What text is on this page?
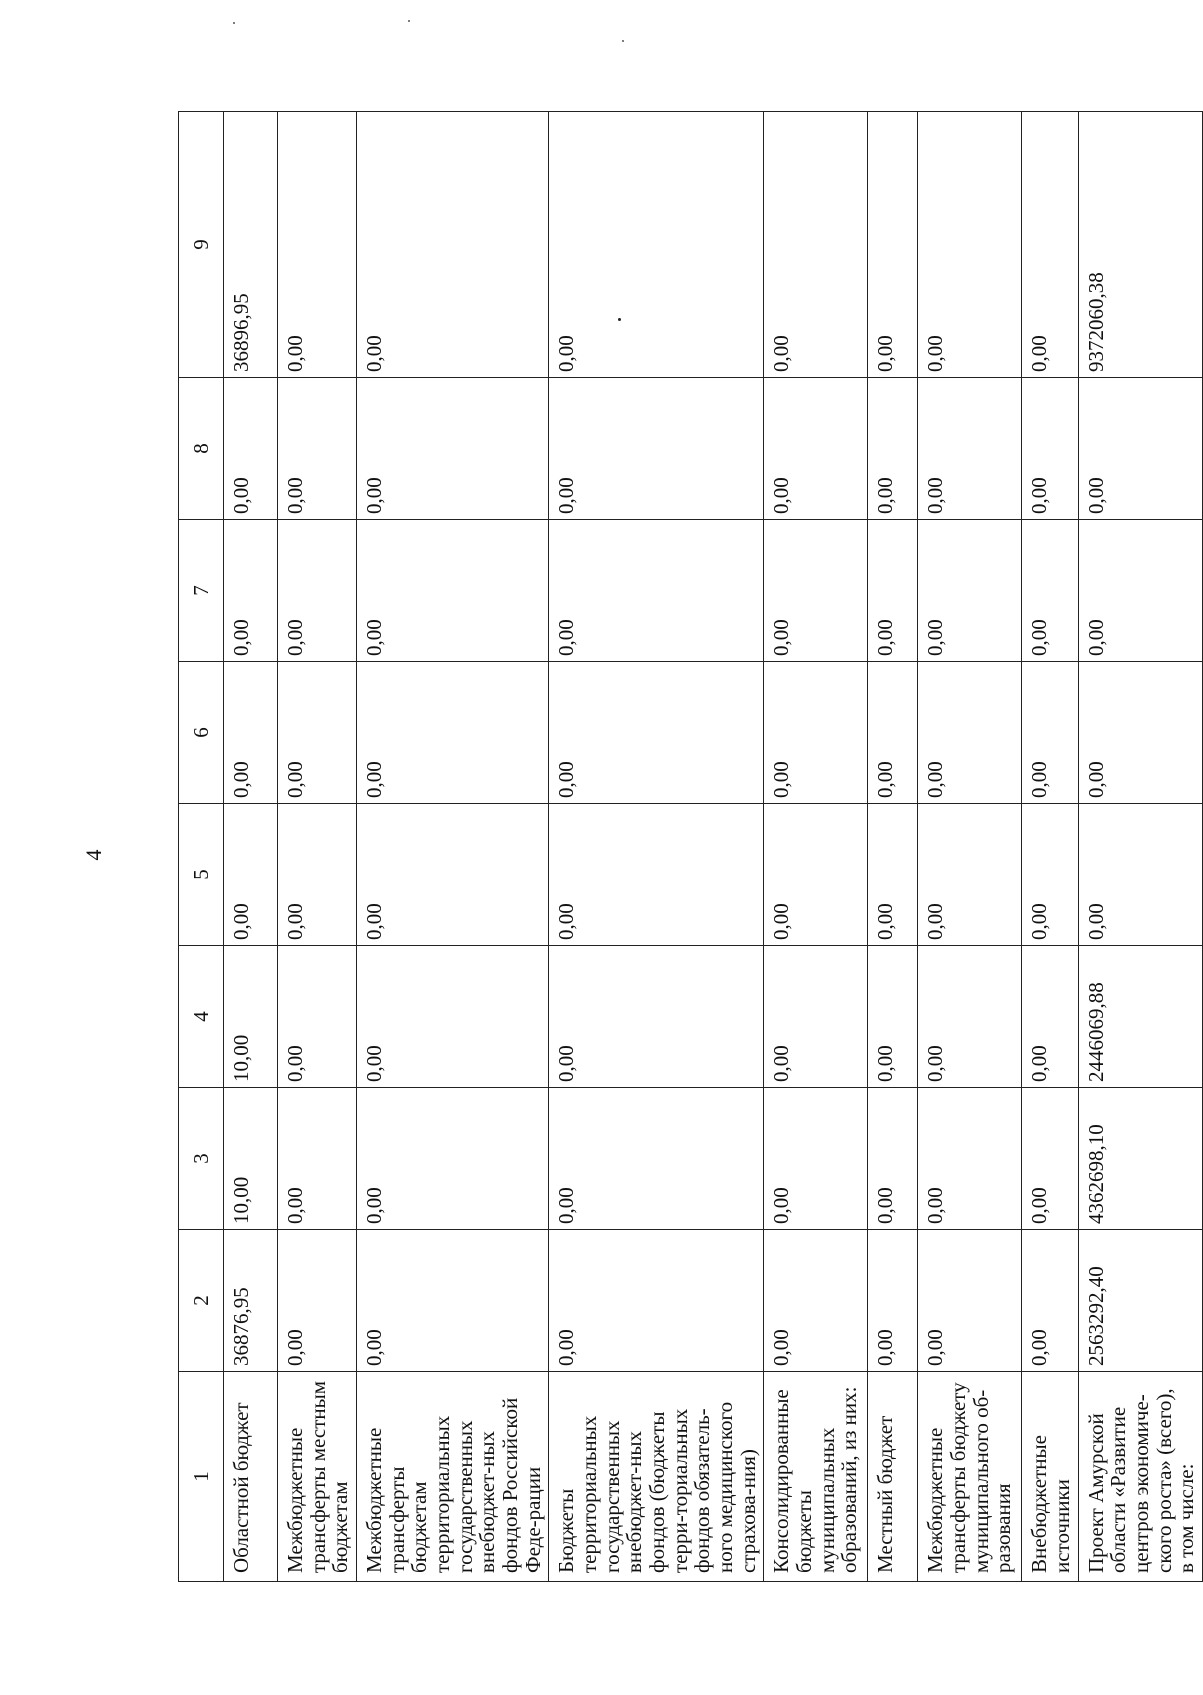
4
1	2	3	4	5	6	7	8	9
Областной бюджет	36876,95	10,00	10,00	0,00	0,00	0,00	0,00	36896,95
Межбюджетные трансферты местным бюджетам	0,00	0,00	0,00	0,00	0,00	0,00	0,00	0,00
Межбюджетные трансферты бюджетам территориальных государственных внебюджет-ных фондов Российской Феде-рации	0,00	0,00	0,00	0,00	0,00	0,00	0,00	0,00
Бюджеты территориальных государственных внебюджет-ных фондов (бюджеты терри-ториальных фондов обязатель-ного медицинского страхова-ния)	0,00	0,00	0,00	0,00	0,00	0,00	0,00	0,00
Консолидированные бюджеты муниципальных образований, из них:	0,00	0,00	0,00	0,00	0,00	0,00	0,00	0,00
Местный бюджет	0,00	0,00	0,00	0,00	0,00	0,00	0,00	0,00
Межбюджетные трансферты бюджету муниципального об-разования	0,00	0,00	0,00	0,00	0,00	0,00	0,00	0,00
Внебюджетные источники	0,00	0,00	0,00	0,00	0,00	0,00	0,00	0,00
Проект Амурской области «Развитие центров экономиче-ского роста» (всего), в том числе:	2563292,40	4362698,10	2446069,88	0,00	0,00	0,00	0,00	9372060,38
